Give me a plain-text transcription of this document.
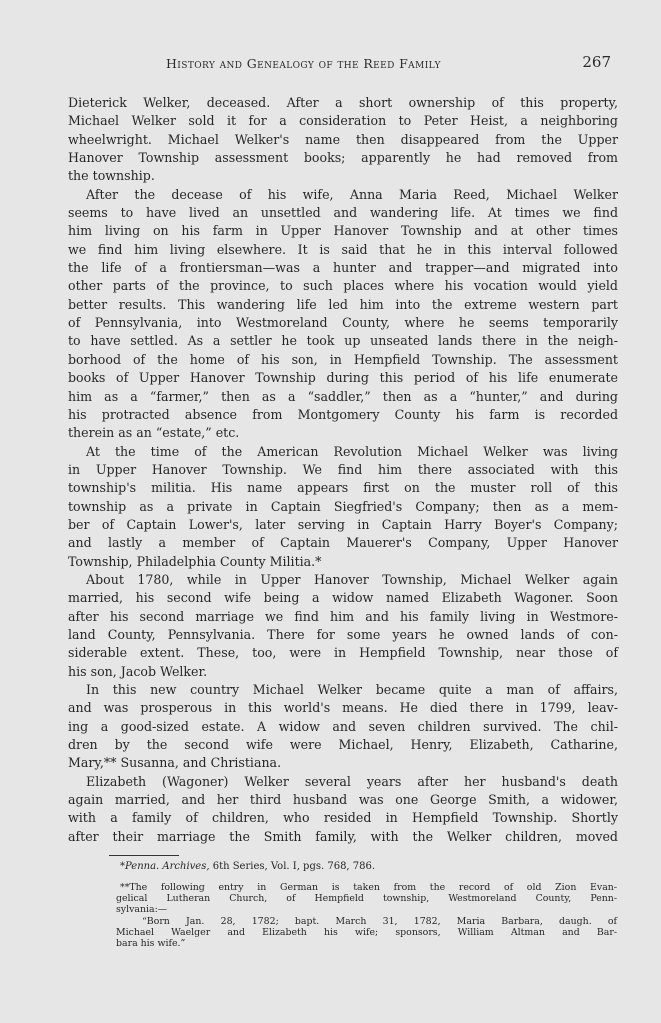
History and Genealogy of the Reed Family	267
Dieterick Welker, deceased. After a short ownership of this property,
Michael Welker sold it for a consideration to Peter Heist, a neighboring
wheelwright. Michael Welker's name then disappeared from the Upper
Hanover Township assessment books; apparently he had removed from
the township.
After the decease of his wife, Anna Maria Reed, Michael Welker
seems to have lived an unsettled and wandering life. At times we find
him living on his farm in Upper Hanover Township and at other times
we find him living elsewhere. It is said that he in this interval followed
the life of a frontiersman—was a hunter and trapper—and migrated into
other parts of the province, to such places where his vocation would yield
better results. This wandering life led him into the extreme western part
of Pennsylvania, into Westmoreland County, where he seems temporarily
to have settled. As a settler he took up unseated lands there in the neigh-
borhood of the home of his son, in Hempfield Township. The assessment
books of Upper Hanover Township during this period of his life enumerate
him as a “farmer,” then as a “saddler,” then as a “hunter,” and during
his protracted absence from Montgomery County his farm is recorded
therein as an “estate,” etc.
At the time of the American Revolution Michael Welker was living
in Upper Hanover Township. We find him there associated with this
township's militia. His name appears first on the muster roll of this
township as a private in Captain Siegfried's Company; then as a mem-
ber of Captain Lower's, later serving in Captain Harry Boyer's Company;
and lastly a member of Captain Mauerer's Company, Upper Hanover
Township, Philadelphia County Militia.*
About 1780, while in Upper Hanover Township, Michael Welker again
married, his second wife being a widow named Elizabeth Wagoner. Soon
after his second marriage we find him and his family living in Westmore-
land County, Pennsylvania. There for some years he owned lands of con-
siderable extent. These, too, were in Hempfield Township, near those of
his son, Jacob Welker.
In this new country Michael Welker became quite a man of affairs,
and was prosperous in this world's means. He died there in 1799, leav-
ing a good-sized estate. A widow and seven children survived. The chil-
dren by the second wife were Michael, Henry, Elizabeth, Catharine,
Mary,** Susanna, and Christiana.
Elizabeth (Wagoner) Welker several years after her husband's death
again married, and her third husband was one George Smith, a widower,
with a family of children, who resided in Hempfield Township. Shortly
after their marriage the Smith family, with the Welker children, moved
*Penna. Archives, 6th Series, Vol. I, pgs. 768, 786.
**The following entry in German is taken from the record of old Zion Evan-
gelical Lutheran Church, of Hempfield township, Westmoreland County, Penn-
sylvania:—
“Born Jan. 28, 1782; bapt. March 31, 1782, Maria Barbara, daugh. of
Michael Waelger and Elizabeth his wife; sponsors, William Altman and Bar-
bara his wife.”
